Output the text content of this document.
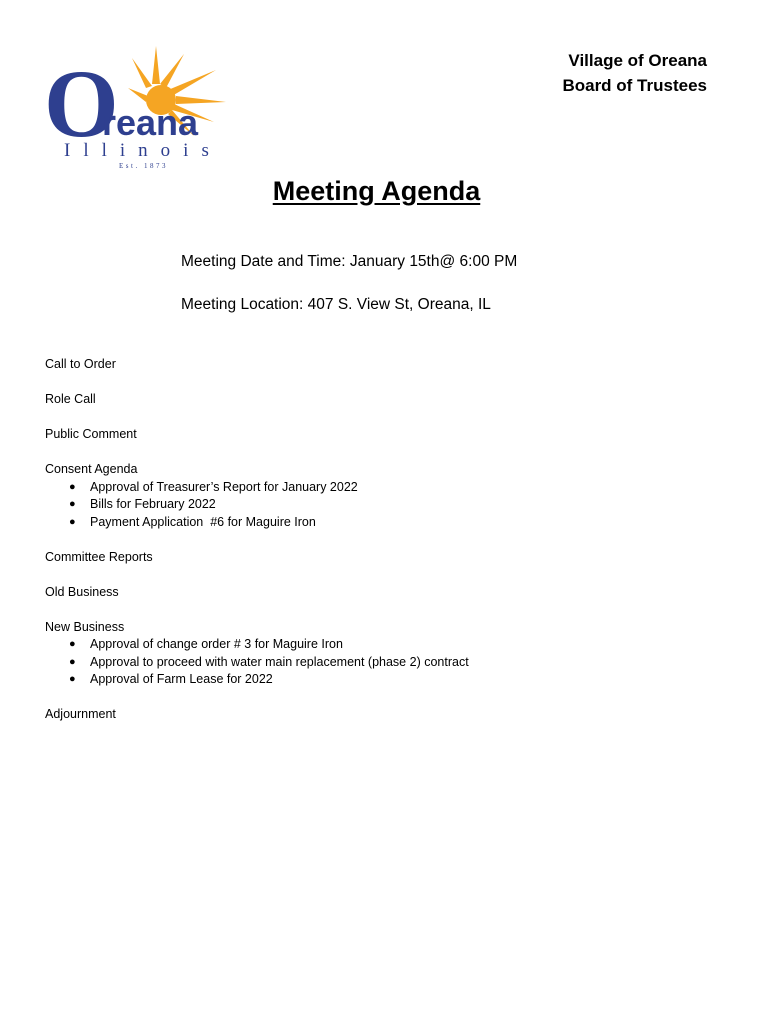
O
reana
Illinois
Est. 1873
Village of Oreana
Board of Trustees
Meeting Agenda
Meeting Date and Time: January 15th@ 6:00 PM
Meeting Location: 407 S. View St, Oreana, IL
Call to Order
Role Call
Public Comment
Consent Agenda
● Approval of Treasurer’s Report for January 2022
● Bills for February 2022
● Payment Application  #6 for Maguire Iron
Committee Reports
Old Business
New Business
● Approval of change order # 3 for Maguire Iron
● Approval to proceed with water main replacement (phase 2) contract
● Approval of Farm Lease for 2022
Adjournment
